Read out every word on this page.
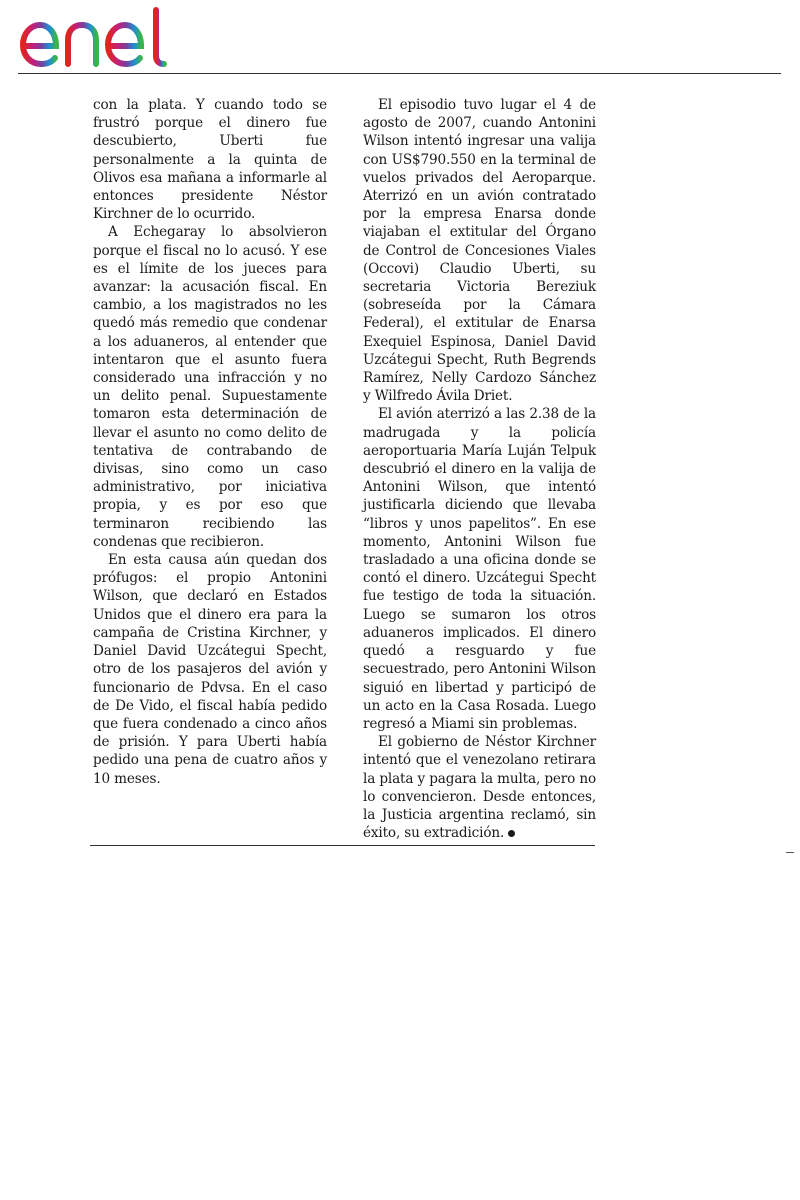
con la plata. Y cuando todo se frustró porque el dinero fue descubierto, Uberti fue personalmente a la quinta de Olivos esa mañana a informarle al entonces presidente Néstor Kirchner de lo ocurrido.

A Echegaray lo absolvieron porque el fiscal no lo acusó. Y ese es el límite de los jueces para avanzar: la acusación fiscal. En cambio, a los magistrados no les quedó más remedio que condenar a los aduaneros, al entender que intentaron que el asunto fuera considerado una infracción y no un delito penal. Supuestamente tomaron esta determinación de llevar el asunto no como delito de tentativa de contrabando de divisas, sino como un caso administrativo, por iniciativa propia, y es por eso que terminaron recibiendo las condenas que recibieron.

En esta causa aún quedan dos prófugos: el propio Antonini Wilson, que declaró en Estados Unidos que el dinero era para la campaña de Cristina Kirchner, y Daniel David Uzcátegui Specht, otro de los pasajeros del avión y funcionario de Pdvsa. En el caso de De Vido, el fiscal había pedido que fuera condenado a cinco años de prisión. Y para Uberti había pedido una pena de cuatro años y 10 meses.

El episodio tuvo lugar el 4 de agosto de 2007, cuando Antonini Wilson intentó ingresar una valija con US$790.550 en la terminal de vuelos privados del Aeroparque. Aterrizó en un avión contratado por la empresa Enarsa donde viajaban el extitular del Órgano de Control de Concesiones Viales (Occovi) Claudio Uberti, su secretaria Victoria Bereziuk (sobreseída por la Cámara Federal), el extitular de Enarsa Exequiel Espinosa, Daniel David Uzcátegui Specht, Ruth Begrends Ramírez, Nelly Cardozo Sánchez y Wilfredo Ávila Driet.

El avión aterrizó a las 2.38 de la madrugada y la policía aeroportuaria María Luján Telpuk descubrió el dinero en la valija de Antonini Wilson, que intentó justificarla diciendo que llevaba “libros y unos papelitos”. En ese momento, Antonini Wilson fue trasladado a una oficina donde se contó el dinero. Uzcátegui Specht fue testigo de toda la situación. Luego se sumaron los otros aduaneros implicados. El dinero quedó a resguardo y fue secuestrado, pero Antonini Wilson siguió en libertad y participó de un acto en la Casa Rosada. Luego regresó a Miami sin problemas.

El gobierno de Néstor Kirchner intentó que el venezolano retirara la plata y pagara la multa, pero no lo convencieron. Desde entonces, la Justicia argentina reclamó, sin éxito, su extradición.
